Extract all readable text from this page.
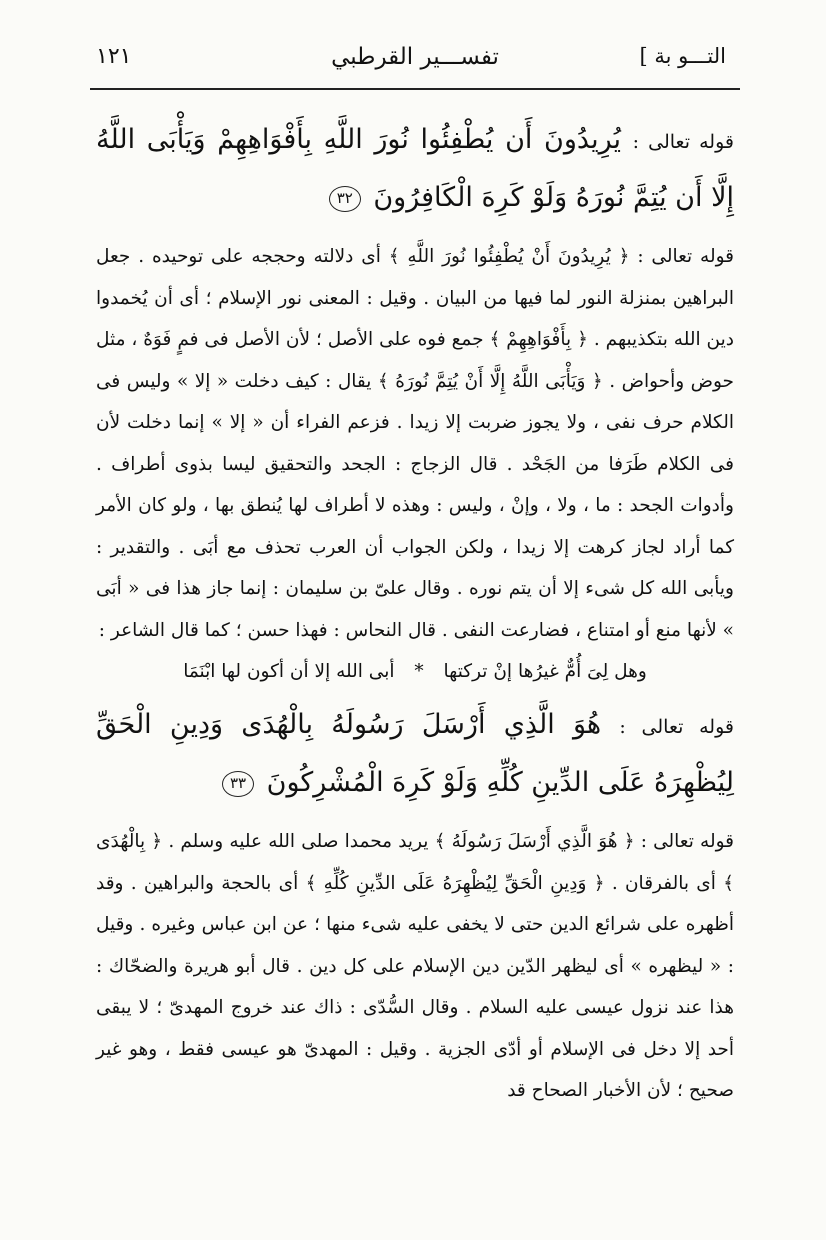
التـــو بة ]
تفســـير القرطبي
١٢١

قوله تعالى : يُرِيدُونَ أَن يُطْفِئُوا نُورَ اللَّهِ بِأَفْوَاهِهِمْ وَيَأْبَى اللَّهُ إِلَّا أَن يُتِمَّ نُورَهُ وَلَوْ كَرِهَ الْكَافِرُونَ ٣٢

قوله تعالى : ﴿ يُرِيدُونَ أَنْ يُطْفِئُوا نُورَ اللَّهِ ﴾ أى دلالته وحججه على توحيده . جعل البراهين بمنزلة النور لما فيها من البيان . وقيل : المعنى نور الإسلام ؛ أى أن يُخمدوا دين الله بتكذيبهم . ﴿ بِأَفْوَاهِهِمْ ﴾ جمع فوه على الأصل ؛ لأن الأصل فى فمٍ فَوَهٌ ، مثل حوض وأحواض . ﴿ وَيَأْبَى اللَّهُ إِلَّا أَنْ يُتِمَّ نُورَهُ ﴾ يقال : كيف دخلت « إلا » وليس فى الكلام حرف نفى ، ولا يجوز ضربت إلا زيدا . فزعم الفراء أن « إلا » إنما دخلت لأن فى الكلام طَرَفا من الجَحْد . قال الزجاج : الجحد والتحقيق ليسا بذوى أطراف . وأدوات الجحد : ما ، ولا ، وإنْ ، وليس : وهذه لا أطراف لها يُنطق بها ، ولو كان الأمر كما أراد لجاز كرهت إلا زيدا ، ولكن الجواب أن العرب تحذف مع أبَى . والتقدير : ويأبى الله كل شىء إلا أن يتم نوره . وقال علىّ بن سليمان : إنما جاز هذا فى « أبَى » لأنها منع أو امتناع ، فضارعت النفى . قال النحاس : فهذا حسن ؛ كما قال الشاعر :

وهل لِىَ أُمٌّ غيرُها إنْ تركتها * أبى الله إلا أن أكون لها ابْنَمَا

قوله تعالى : هُوَ الَّذِي أَرْسَلَ رَسُولَهُ بِالْهُدَى وَدِينِ الْحَقِّ لِيُظْهِرَهُ عَلَى الدِّينِ كُلِّهِ وَلَوْ كَرِهَ الْمُشْرِكُونَ ٣٣

قوله تعالى : ﴿ هُوَ الَّذِي أَرْسَلَ رَسُولَهُ ﴾ يريد محمدا صلى الله عليه وسلم . ﴿ بِالْهُدَى ﴾ أى بالفرقان . ﴿ وَدِينِ الْحَقِّ لِيُظْهِرَهُ عَلَى الدِّينِ كُلِّهِ ﴾ أى بالحجة والبراهين . وقد أظهره على شرائع الدين حتى لا يخفى عليه شىء منها ؛ عن ابن عباس وغيره . وقيل : « ليظهره » أى ليظهر الدّين دين الإسلام على كل دين . قال أبو هريرة والضحّاك : هذا عند نزول عيسى عليه السلام . وقال السُّدّى : ذاك عند خروج المهدىّ ؛ لا يبقى أحد إلا دخل فى الإسلام أو أدّى الجزية . وقيل : المهدىّ هو عيسى فقط ، وهو غير صحيح ؛ لأن الأخبار الصحاح قد
